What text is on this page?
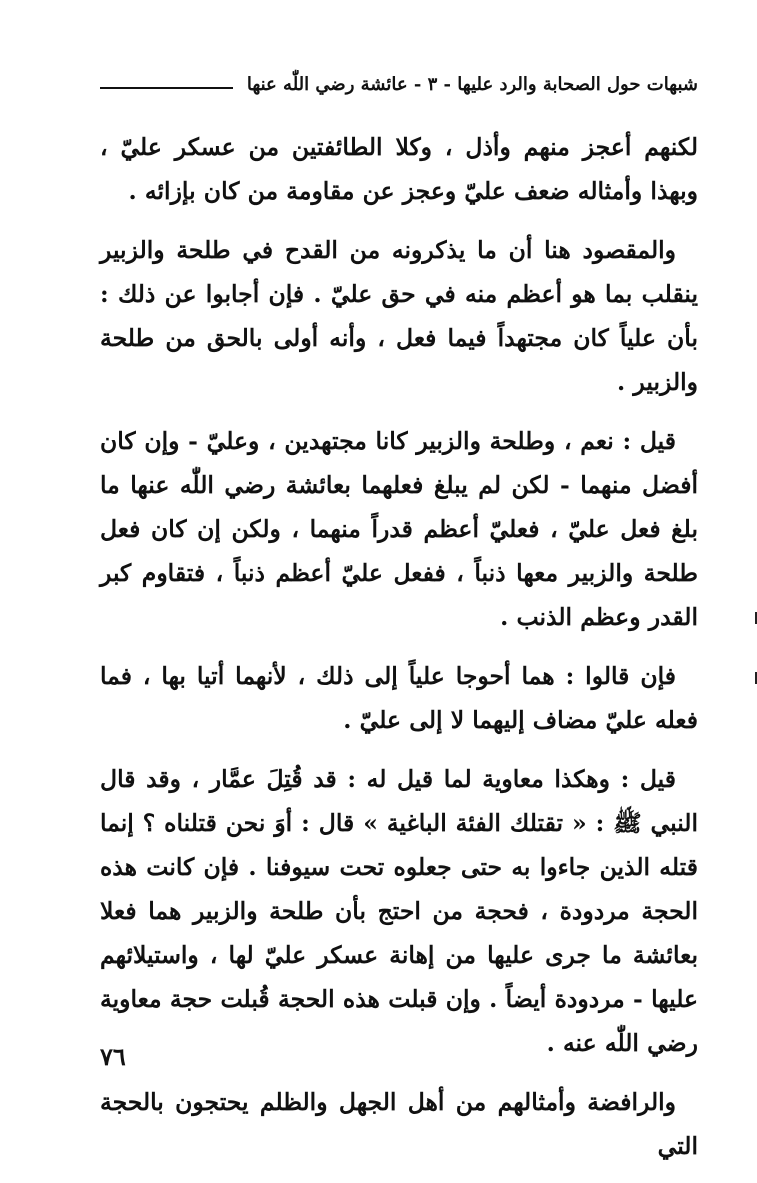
شبهات حول الصحابة والرد عليها - ٣ - عائشة رضي اللّٰه عنها

لكنهم أعجز منهم وأذل ، وكلا الطائفتين من عسكر عليّ ، وبهذا وأمثاله ضعف عليّ وعجز عن مقاومة من كان بإزائه .

والمقصود هنا أن ما يذكرونه من القدح في طلحة والزبير ينقلب بما هو أعظم منه في حق عليّ . فإن أجابوا عن ذلك : بأن علياً كان مجتهداً فيما فعل ، وأنه أولى بالحق من طلحة والزبير .

قيل : نعم ، وطلحة والزبير كانا مجتهدين ، وعليّ - وإن كان أفضل منهما - لكن لم يبلغ فعلهما بعائشة رضي اللّٰه عنها ما بلغ فعل عليّ ، فعليّ أعظم قدراً منهما ، ولكن إن كان فعل طلحة والزبير معها ذنباً ، ففعل عليّ أعظم ذنباً ، فتقاوم كبر القدر وعظم الذنب .

فإن قالوا : هما أحوجا علياً إلى ذلك ، لأنهما أتيا بها ، فما فعله عليّ مضاف إليهما لا إلى عليّ .

قيل : وهكذا معاوية لما قيل له : قد قُتِلَ عمَّار ، وقد قال النبي ﷺ : « تقتلك الفئة الباغية » قال : أوَ نحن قتلناه ؟ إنما قتله الذين جاءوا به حتى جعلوه تحت سيوفنا . فإن كانت هذه الحجة مردودة ، فحجة من احتج بأن طلحة والزبير هما فعلا بعائشة ما جرى عليها من إهانة عسكر عليّ لها ، واستيلائهم عليها - مردودة أيضاً . وإن قبلت هذه الحجة قُبلت حجة معاوية رضي اللّٰه عنه .

والرافضة وأمثالهم من أهل الجهل والظلم يحتجون بالحجة التي

٧٦
